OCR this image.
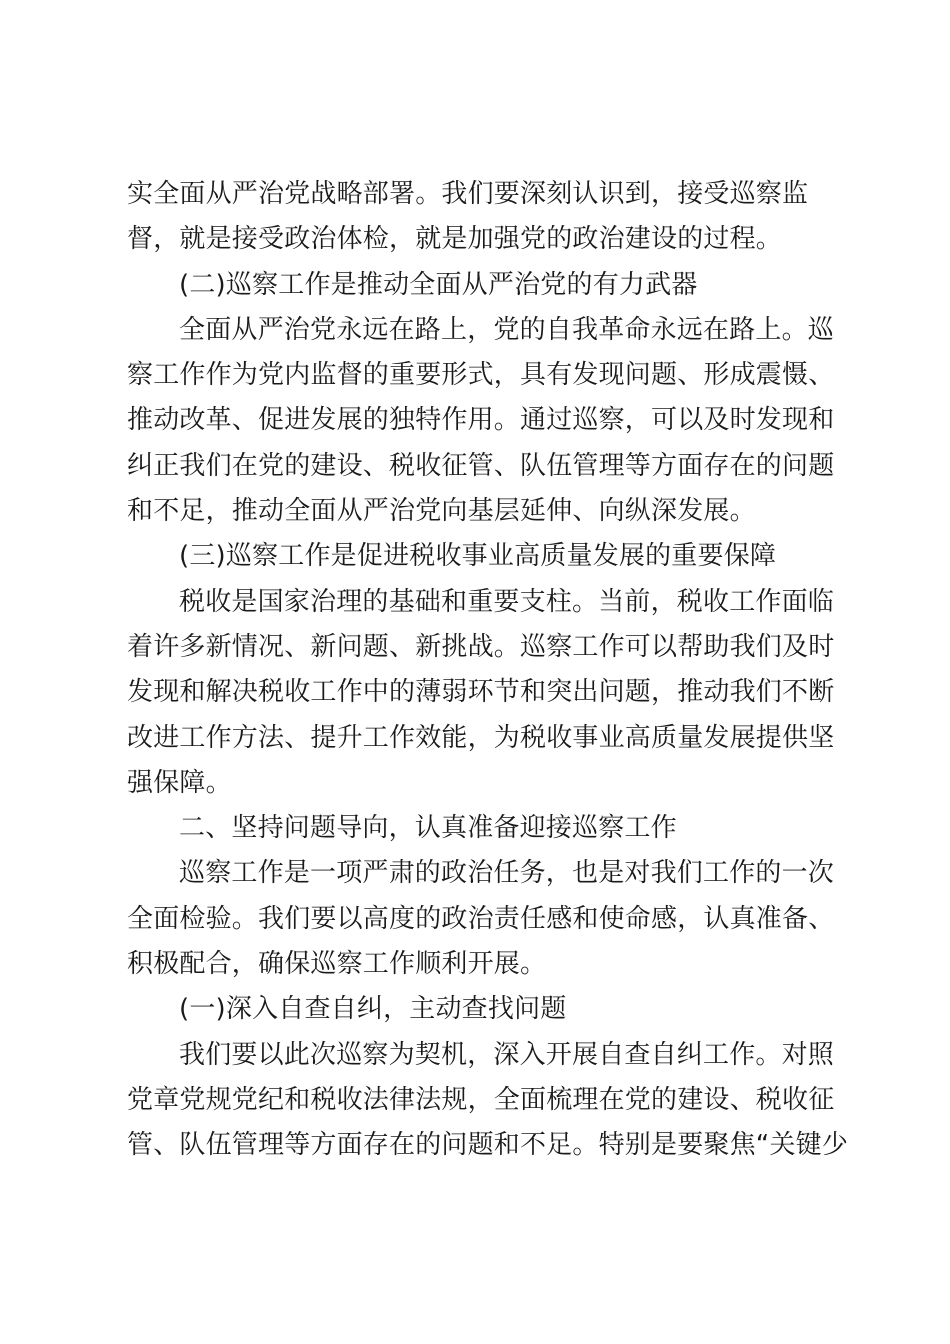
实全面从严治党战略部署。我们要深刻认识到，接受巡察监
督，就是接受政治体检，就是加强党的政治建设的过程。
(二)巡察工作是推动全面从严治党的有力武器
全面从严治党永远在路上，党的自我革命永远在路上。巡
察工作作为党内监督的重要形式，具有发现问题、形成震慑、
推动改革、促进发展的独特作用。通过巡察，可以及时发现和
纠正我们在党的建设、税收征管、队伍管理等方面存在的问题
和不足，推动全面从严治党向基层延伸、向纵深发展。
(三)巡察工作是促进税收事业高质量发展的重要保障
税收是国家治理的基础和重要支柱。当前，税收工作面临
着许多新情况、新问题、新挑战。巡察工作可以帮助我们及时
发现和解决税收工作中的薄弱环节和突出问题，推动我们不断
改进工作方法、提升工作效能，为税收事业高质量发展提供坚
强保障。
二、坚持问题导向，认真准备迎接巡察工作
巡察工作是一项严肃的政治任务，也是对我们工作的一次
全面检验。我们要以高度的政治责任感和使命感，认真准备、
积极配合，确保巡察工作顺利开展。
(一)深入自查自纠，主动查找问题
我们要以此次巡察为契机，深入开展自查自纠工作。对照
党章党规党纪和税收法律法规，全面梳理在党的建设、税收征
管、队伍管理等方面存在的问题和不足。特别是要聚焦“关键少
